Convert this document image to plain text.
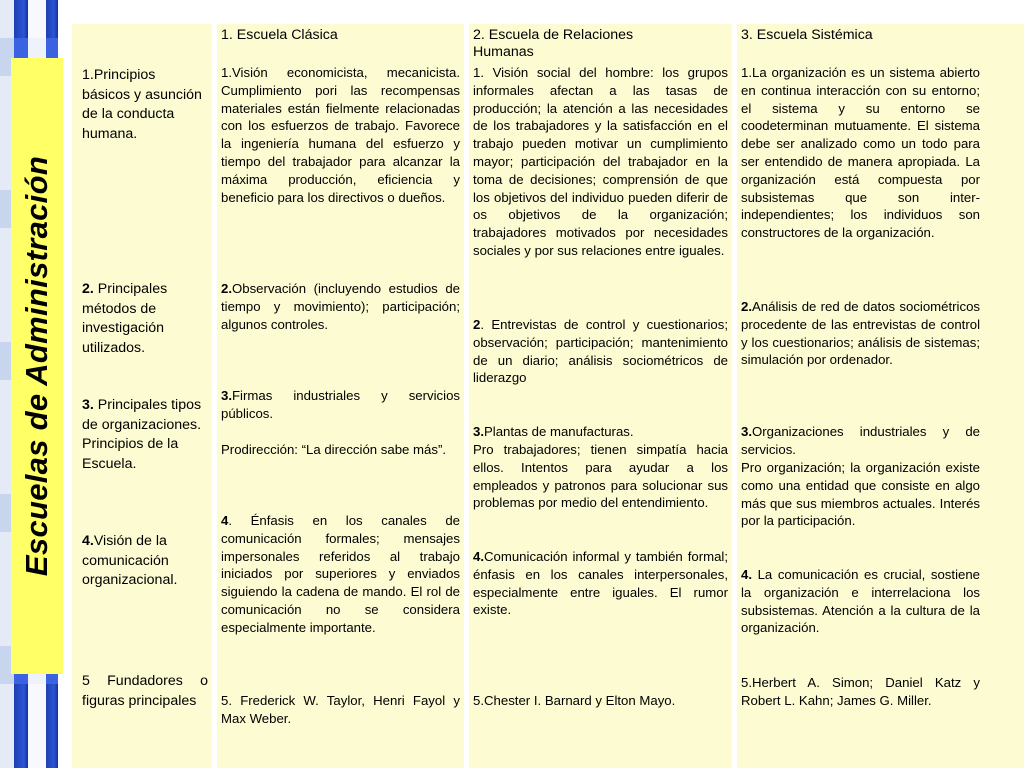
Escuelas de Administración
1. Escuela Clásica	2. Escuela de Relaciones Humanas
3. Escuela Sistémica
1.Principios básicos y asunción de la conducta humana.
2. Principales métodos de investigación utilizados.
3. Principales tipos de organizaciones. Principios de la Escuela.
4.Visión de la comunicación organizacional.
5 Fundadores o figuras principales
1.Visión economicista, mecanicista. Cumplimiento pori las recompensas materiales están fielmente relacionadas con los esfuerzos de trabajo. Favorece la ingeniería humana del esfuerzo y tiempo del trabajador para alcanzar la máxima producción, eficiencia y beneficio para los directivos o dueños.
2.Observación (incluyendo estudios de tiempo y movimiento); participación; algunos controles.
3.Firmas industriales y servicios públicos.
Prodirección: “La dirección sabe más”.
4. Énfasis en los canales de comunicación formales; mensajes impersonales referidos al trabajo iniciados por superiores y enviados siguiendo la cadena de mando. El rol de comunicación no se considera especialmente importante.
5. Frederick W. Taylor, Henri Fayol y Max Weber.
1. Visión social del hombre: los grupos informales afectan a las tasas de producción; la atención a las necesidades de los trabajadores y la satisfacción en el trabajo pueden motivar un cumplimiento mayor; participación del trabajador en la toma de decisiones; comprensión de que los objetivos del individuo pueden diferir de os objetivos de la organización; trabajadores motivados por necesidades sociales y por sus relaciones entre iguales.
2. Entrevistas de control y cuestionarios; observación; participación; mantenimiento de un diario; análisis sociométricos de liderazgo
3.Plantas de manufacturas.
Pro trabajadores; tienen simpatía hacia ellos. Intentos para ayudar a los empleados y patronos para solucionar sus problemas por medio del entendimiento.
4.Comunicación informal y también formal; énfasis en los canales interpersonales, especialmente entre iguales. El rumor existe.
5.Chester I. Barnard y Elton Mayo.
1.La organización es un sistema abierto en continua interacción con su entorno; el sistema y su entorno se coodeterminan mutuamente. El sistema debe ser analizado como un todo para ser entendido de manera apropiada. La organización está compuesta por subsistemas que son inter-independientes; los individuos son constructores de la organización.
2.Análisis de red de datos sociométricos procedente de las entrevistas de control y los cuestionarios; análisis de sistemas; simulación por ordenador.
3.Organizaciones industriales y de servicios.
Pro organización; la organización existe como una entidad que consiste en algo más que sus miembros actuales. Interés por la participación.
4. La comunicación es crucial, sostiene la organización e interrelaciona los subsistemas. Atención a la cultura de la organización.
5.Herbert A. Simon; Daniel Katz y Robert L. Kahn; James G. Miller.
